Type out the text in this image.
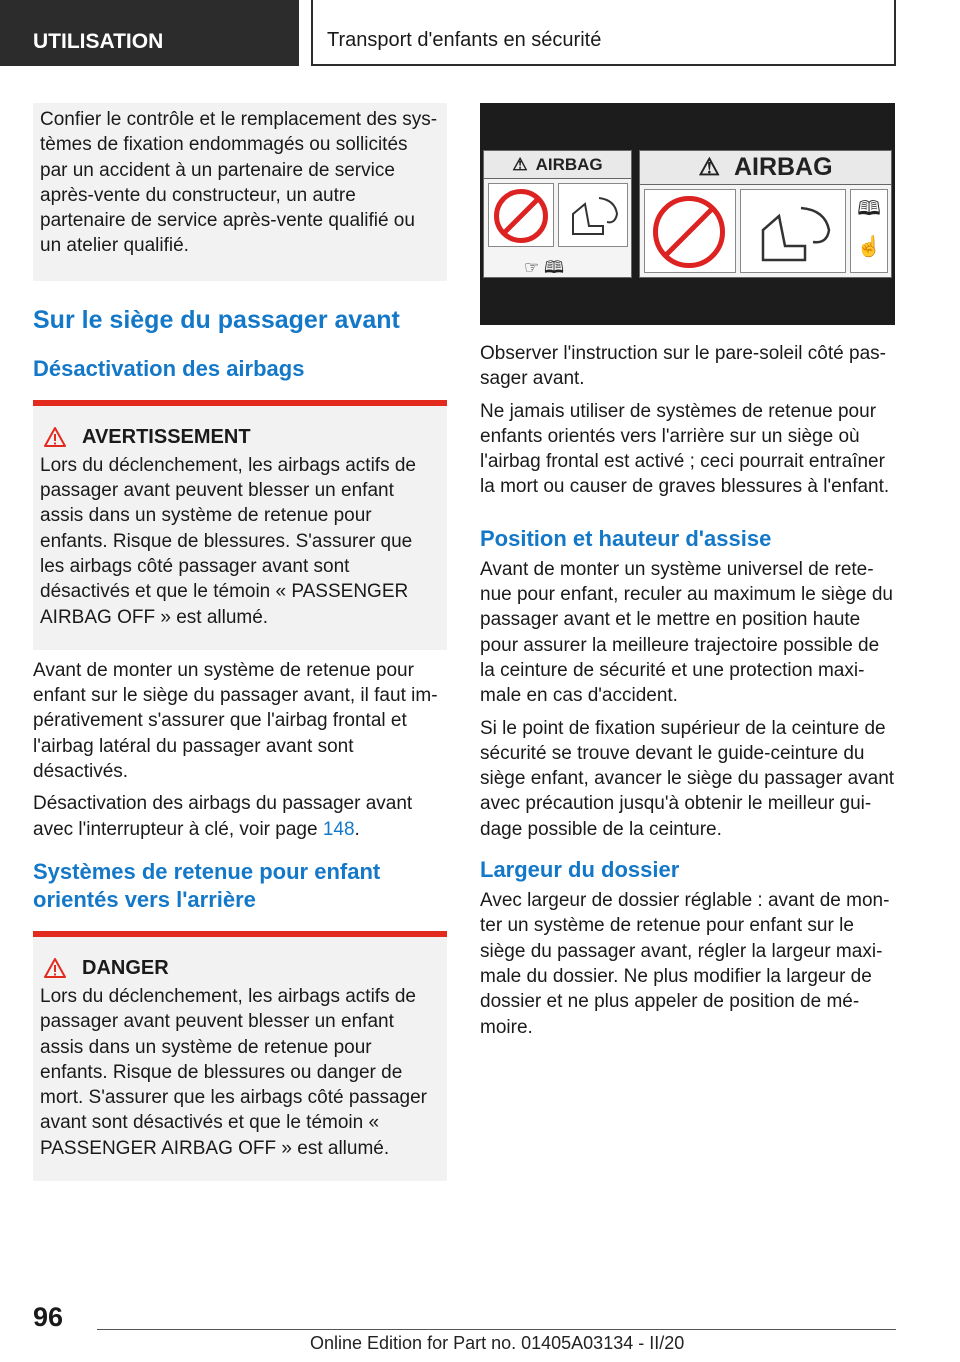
UTILISATION	Transport d'enfants en sécurité

Confier le contrôle et le remplacement des systèmes de fixation endommagés ou sollicités par un accident à un partenaire de service après-vente du constructeur, un autre partenaire de service après-vente qualifié ou un atelier qualifié.

Sur le siège du passager avant
Désactivation des airbags
AVERTISSEMENT

Lors du déclenchement, les airbags actifs de passager avant peuvent blesser un enfant assis dans un système de retenue pour enfants. Risque de blessures. S'assurer que les airbags côté passager avant sont désactivés et que le témoin « PASSENGER AIRBAG OFF » est allumé.

Avant de monter un système de retenue pour enfant sur le siège du passager avant, il faut impérativement s'assurer que l'airbag frontal et l'airbag latéral du passager avant sont désactivés.

Désactivation des airbags du passager avant avec l'interrupteur à clé, voir page 148.

Systèmes de retenue pour enfant orientés vers l'arrière
DANGER

Lors du déclenchement, les airbags actifs de passager avant peuvent blesser un enfant assis dans un système de retenue pour enfants. Risque de blessures ou danger de mort. S'assurer que les airbags côté passager avant sont désactivés et que le témoin « PASSENGER AIRBAG OFF » est allumé.

⚠ AIRBAG
☞ 🕮
⚠ AIRBAG
🕮
☝

Observer l'instruction sur le pare-soleil côté passager avant.

Ne jamais utiliser de systèmes de retenue pour enfants orientés vers l'arrière sur un siège où l'airbag frontal est activé ; ceci pourrait entraîner la mort ou causer de graves blessures à l'enfant.

Position et hauteur d'assise

Avant de monter un système universel de retenue pour enfant, reculer au maximum le siège du passager avant et le mettre en position haute pour assurer la meilleure trajectoire possible de la ceinture de sécurité et une protection maximale en cas d'accident.

Si le point de fixation supérieur de la ceinture de sécurité se trouve devant le guide-ceinture du siège enfant, avancer le siège du passager avant avec précaution jusqu'à obtenir le meilleur guidage possible de la ceinture.

Largeur du dossier

Avec largeur de dossier réglable : avant de monter un système de retenue pour enfant sur le siège du passager avant, régler la largeur maximale du dossier. Ne plus modifier la largeur de dossier et ne plus appeler de position de mémoire.

96
Online Edition for Part no. 01405A03134 - II/20
